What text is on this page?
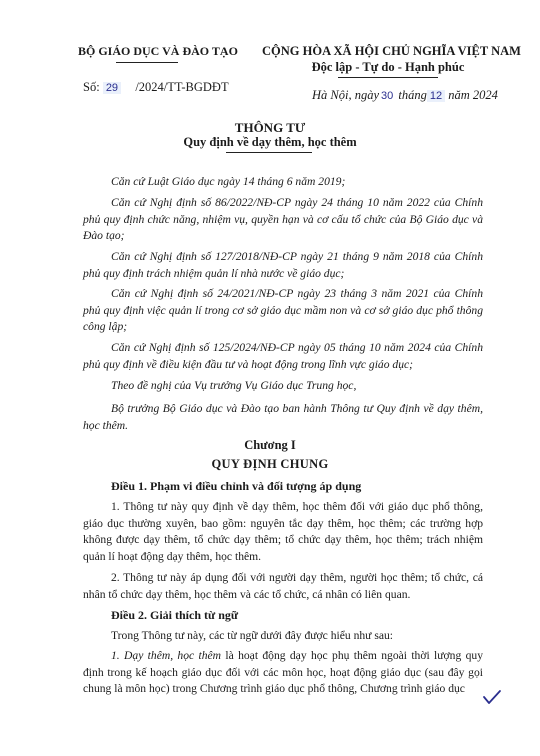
BỘ GIÁO DỤC VÀ ĐÀO TẠO
Số: 29 /2024/TT-BGDĐT
CỘNG HÒA XÃ HỘI CHỦ NGHĨA VIỆT NAM
Độc lập - Tự do - Hạnh phúc
Hà Nội, ngày 30 tháng 12 năm 2024
THÔNG TƯ
Quy định về dạy thêm, học thêm
Căn cứ Luật Giáo dục ngày 14 tháng 6 năm 2019;
Căn cứ Nghị định số 86/2022/NĐ-CP ngày 24 tháng 10 năm 2022 của Chính phủ quy định chức năng, nhiệm vụ, quyền hạn và cơ cấu tổ chức của Bộ Giáo dục và Đào tạo;
Căn cứ Nghị định số 127/2018/NĐ-CP ngày 21 tháng 9 năm 2018 của Chính phủ quy định trách nhiệm quản lí nhà nước về giáo dục;
Căn cứ Nghị định số 24/2021/NĐ-CP ngày 23 tháng 3 năm 2021 của Chính phủ quy định việc quản lí trong cơ sở giáo dục mầm non và cơ sở giáo dục phổ thông công lập;
Căn cứ Nghị định số 125/2024/NĐ-CP ngày 05 tháng 10 năm 2024 của Chính phủ quy định về điều kiện đầu tư và hoạt động trong lĩnh vực giáo dục;
Theo đề nghị của Vụ trưởng Vụ Giáo dục Trung học,
Bộ trưởng Bộ Giáo dục và Đào tạo ban hành Thông tư Quy định về dạy thêm, học thêm.
Chương I
QUY ĐỊNH CHUNG
Điều 1. Phạm vi điều chỉnh và đối tượng áp dụng
1. Thông tư này quy định về dạy thêm, học thêm đối với giáo dục phổ thông, giáo dục thường xuyên, bao gồm: nguyên tắc dạy thêm, học thêm; các trường hợp không được dạy thêm, tổ chức dạy thêm; tổ chức dạy thêm, học thêm; trách nhiệm quản lí hoạt động dạy thêm, học thêm.
2. Thông tư này áp dụng đối với người dạy thêm, người học thêm; tổ chức, cá nhân tổ chức dạy thêm, học thêm và các tổ chức, cá nhân có liên quan.
Điều 2. Giải thích từ ngữ
Trong Thông tư này, các từ ngữ dưới đây được hiểu như sau:
1. Dạy thêm, học thêm là hoạt động dạy học phụ thêm ngoài thời lượng quy định trong kế hoạch giáo dục đối với các môn học, hoạt động giáo dục (sau đây gọi chung là môn học) trong Chương trình giáo dục phổ thông, Chương trình giáo dục
